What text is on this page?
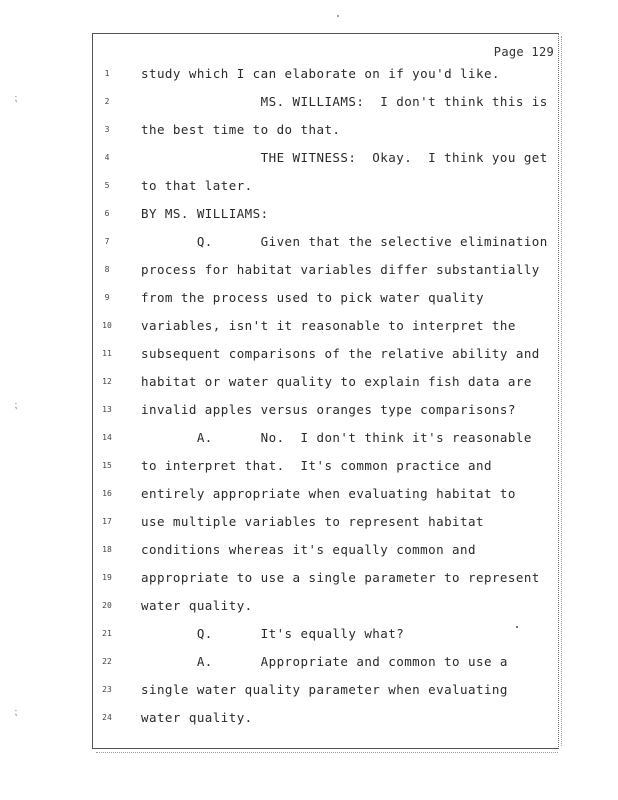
⁏
⁏
⁏
Page 129
1	study which I can elaborate on if you'd like.
2	MS. WILLIAMS:  I don't think this is
3	the best time to do that.
4	THE WITNESS:  Okay.  I think you get
5	to that later.
6	BY MS. WILLIAMS:
7	Q.      Given that the selective elimination
8	process for habitat variables differ substantially
9	from the process used to pick water quality
10	variables, isn't it reasonable to interpret the
11	subsequent comparisons of the relative ability and
12	habitat or water quality to explain fish data are
13	invalid apples versus oranges type comparisons?
14	A.      No.  I don't think it's reasonable
15	to interpret that.  It's common practice and
16	entirely appropriate when evaluating habitat to
17	use multiple variables to represent habitat
18	conditions whereas it's equally common and
19	appropriate to use a single parameter to represent
20	water quality.
21	Q.      It's equally what?
22	A.      Appropriate and common to use a
23	single water quality parameter when evaluating
24	water quality.
